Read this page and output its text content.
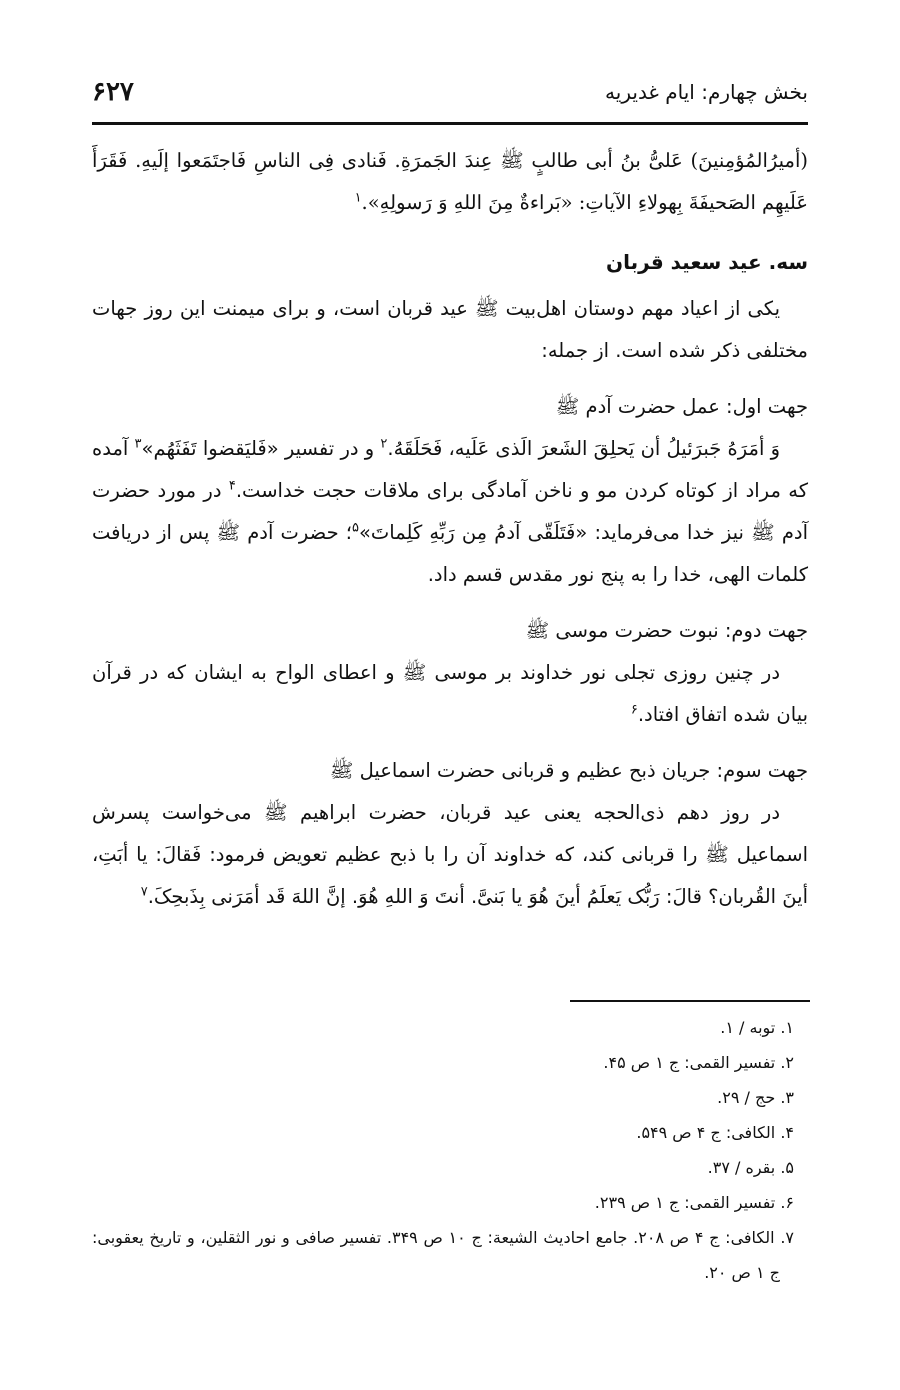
بخش چهارم: ایام غدیریه
۶۲۷

(أمیرُالمُؤمِنینَ) عَلیُّ بنُ أبی طالبٍ ﷺ عِندَ الجَمرَةِ. فَنادی فِی الناسِ فَاجتَمَعوا إلَیهِ. فَقَرَأَ عَلَیهِم الصَحیفَةَ بِهولاءِ الآیاتِ: «بَراءةٌ مِنَ اللهِ وَ رَسولِهِ».$^۱$

سه. عید سعید قربان

یکی از اعیاد مهم دوستان اهل‌بیت ﷺ عید قربان است، و برای میمنت این روز جهات مختلفی ذکر شده است. از جمله:

جهت اول: عمل حضرت آدم ﷺ

وَ أمَرَهُ جَبرَئیلُ أن یَحلِقَ الشَعرَ الَذی عَلَیه، فَحَلَقَهُ.$^۲$ و در تفسیر «فَلیَقضوا تَفَثَهُم»$^۳$ آمده که مراد از کوتاه کردن مو و ناخن آمادگی برای ملاقات حجت خداست.$^۴$ در مورد حضرت آدم ﷺ نیز خدا می‌فرماید: «فَتَلَقّی آدمُ مِن رَبِّهِ کَلِماتَ»$^۵$؛ حضرت آدم ﷺ پس از دریافت کلمات الهی، خدا را به پنج نور مقدس قسم داد.

جهت دوم: نبوت حضرت موسی ﷺ

در چنین روزی تجلی نور خداوند بر موسی ﷺ و اعطای الواح به ایشان که در قرآن بیان شده اتفاق افتاد.$^۶$

جهت سوم: جریان ذبح عظیم و قربانی حضرت اسماعیل ﷺ

در روز دهم ذی‌الحجه یعنی عید قربان، حضرت ابراهیم ﷺ می‌خواست پسرش اسماعیل ﷺ را قربانی کند، که خداوند آن را با ذبح عظیم تعویض فرمود: فَقالَ: یا أبَتِ، أینَ القُربان؟ قالَ: رَبُّک یَعلَمُ أینَ هُوَ یا بَنیَّ. أنتَ وَ اللهِ هُوَ. إنَّ اللهَ قَد أمَرَنی بِذَبحِکَ.$^۷$

۱. توبه / ۱.
۲. تفسیر القمی: ج ۱ ص ۴۵.
۳. حج / ۲۹.
۴. الکافی: ج ۴ ص ۵۴۹.
۵. بقره / ۳۷.
۶. تفسیر القمی: ج ۱ ص ۲۳۹.
۷. الکافی: ج ۴ ص ۲۰۸. جامع احادیث الشیعة: ج ۱۰ ص ۳۴۹. تفسیر صافی و نور الثقلین، و تاریخ یعقوبی: ج ۱ ص ۲۰.
